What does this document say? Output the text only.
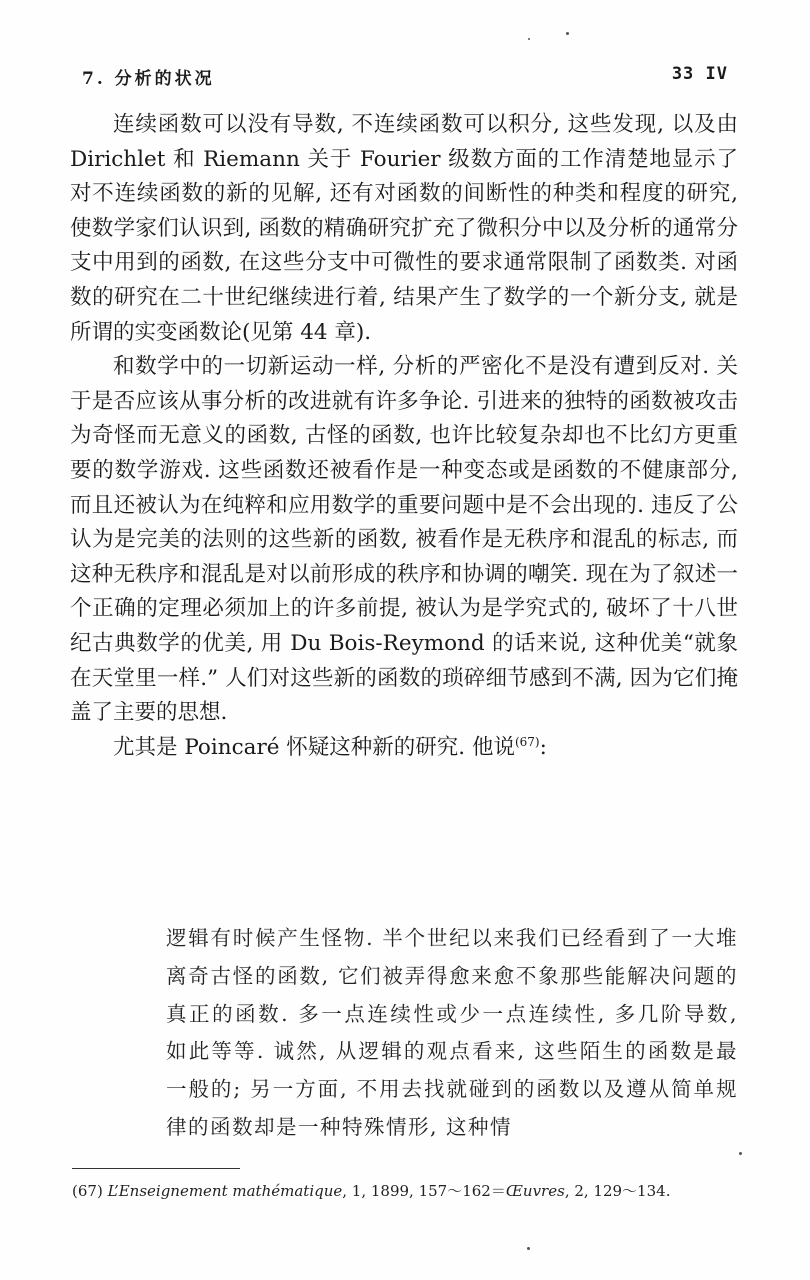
7. 分析的状况	33 IV

连续函数可以没有导数, 不连续函数可以积分, 这些发现, 以及由 Dirichlet 和 Riemann 关于 Fourier 级数方面的工作清楚地显示了对不连续函数的新的见解, 还有对函数的间断性的种类和程度的研究, 使数学家们认识到, 函数的精确研究扩充了微积分中以及分析的通常分支中用到的函数, 在这些分支中可微性的要求通常限制了函数类. 对函数的研究在二十世纪继续进行着, 结果产生了数学的一个新分支, 就是所谓的实变函数论(见第 44 章).

和数学中的一切新运动一样, 分析的严密化不是没有遭到反对. 关于是否应该从事分析的改进就有许多争论. 引进来的独特的函数被攻击为奇怪而无意义的函数, 古怪的函数, 也许比较复杂却也不比幻方更重要的数学游戏. 这些函数还被看作是一种变态或是函数的不健康部分, 而且还被认为在纯粹和应用数学的重要问题中是不会出现的. 违反了公认为是完美的法则的这些新的函数, 被看作是无秩序和混乱的标志, 而这种无秩序和混乱是对以前形成的秩序和协调的嘲笑. 现在为了叙述一个正确的定理必须加上的许多前提, 被认为是学究式的, 破坏了十八世纪古典数学的优美, 用 Du Bois-Reymond 的话来说, 这种优美“就象在天堂里一样.” 人们对这些新的函数的琐碎细节感到不满, 因为它们掩盖了主要的思想.

尤其是 Poincaré 怀疑这种新的研究. 他说$^{(67)}$:

逻辑有时候产生怪物. 半个世纪以来我们已经看到了一大堆离奇古怪的函数, 它们被弄得愈来愈不象那些能解决问题的真正的函数. 多一点连续性或少一点连续性, 多几阶导数, 如此等等. 诚然, 从逻辑的观点看来, 这些陌生的函数是最一般的; 另一方面, 不用去找就碰到的函数以及遵从简单规律的函数却是一种特殊情形, 这种情

(67) L’Enseignement mathématique, 1, 1899, 157～162＝Œuvres, 2, 129～134.
